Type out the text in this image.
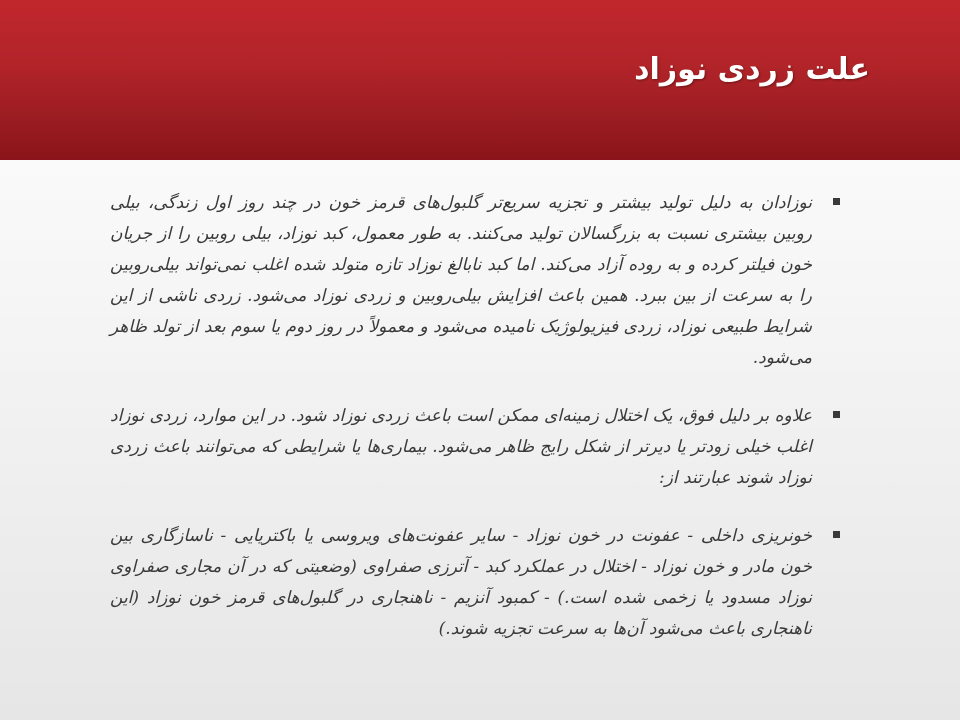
علت زردی نوزاد

نوزادان به دلیل تولید بیشتر و تجزیه سریع‌تر گلبول‌های قرمز خون در چند روز اول زندگی، بیلی روبین بیشتری نسبت به بزرگسالان تولید می‌کنند. به طور معمول، کبد نوزاد، بیلی روبین را از جریان خون فیلتر کرده و به روده آزاد می‌کند. اما کبد نابالغ نوزاد تازه متولد شده اغلب نمی‌تواند بیلی‌روبین را به سرعت از بین ببرد. همین باعث افزایش بیلی‌روبین و زردی نوزاد می‌شود. زردی ناشی از این شرایط طبیعی نوزاد، زردی فیزیولوژیک نامیده می‌شود و معمولاً در روز دوم یا سوم بعد از تولد ظاهر می‌شود.

علاوه بر دلیل فوق، یک اختلال زمینه‌ای ممکن است باعث زردی نوزاد شود. در این موارد، زردی نوزاد اغلب خیلی زودتر یا دیرتر از شکل رایج ظاهر می‌شود. بیماری‌ها یا شرایطی که می‌توانند باعث زردی نوزاد شوند عبارتند از:

خونریزی داخلی - عفونت در خون نوزاد - سایر عفونت‌های ویروسی یا باکتریایی - ناسازگاری بین خون مادر و خون نوزاد - اختلال در عملکرد کبد - آترزی صفراوی (وضعیتی که در آن مجاری صفراوی نوزاد مسدود یا زخمی شده است.) - کمبود آنزیم - ناهنجاری در گلبول‌های قرمز خون نوزاد (این ناهنجاری باعث می‌شود آن‌ها به سرعت تجزیه شوند.)
